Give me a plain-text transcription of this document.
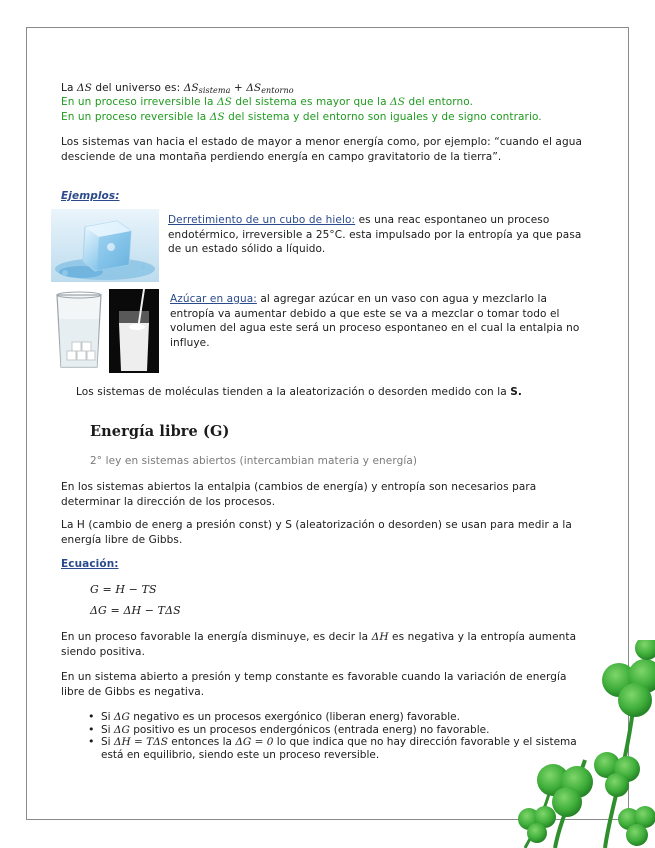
La ΔS del universo es: $\Delta S_{sistema} + \Delta S_{entorno}$
En un proceso irreversible la ΔS del sistema es mayor que la ΔS del entorno.
En un proceso reversible la ΔS del sistema y del entorno son iguales y de signo contrario.
Los sistemas van hacia el estado de mayor a menor energía como, por ejemplo: “cuando el agua desciende de una montaña perdiendo energía en campo gravitatorio de la tierra”.
Ejemplos:
Derretimiento de un cubo de hielo: es una reac espontaneo un proceso endotérmico, irreversible a 25°C. esta impulsado por la entropía ya que pasa de un estado sólido a líquido.
Azúcar en agua: al agregar azúcar en un vaso con agua y mezclarlo la entropía va aumentar debido a que este se va a mezclar o tomar todo el volumen del agua este será un proceso espontaneo en el cual la entalpia no influye.
Los sistemas de moléculas tienden a la aleatorización o desorden medido con la S.
Energía libre (G)
2° ley en sistemas abiertos (intercambian materia y energía)
En los sistemas abiertos la entalpia (cambios de energía) y entropía son necesarios para determinar la dirección de los procesos.
La H (cambio de energ a presión const) y S (aleatorización o desorden) se usan para medir a la energía libre de Gibbs.
Ecuación:
G = H − TS
ΔG = ΔH − TΔS
En un proceso favorable la energía disminuye, es decir la ΔH es negativa y la entropía aumenta siendo positiva.
En un sistema abierto a presión y temp constante es favorable cuando la variación de energía libre de Gibbs es negativa.
• Si ΔG negativo es un procesos exergónico (liberan energ) favorable.
• Si ΔG positivo es un procesos endergónicos (entrada energ) no favorable.
• Si ΔH = TΔS entonces la ΔG = 0 lo que indica que no hay dirección favorable y el sistema está en equilibrio, siendo este un proceso reversible.
